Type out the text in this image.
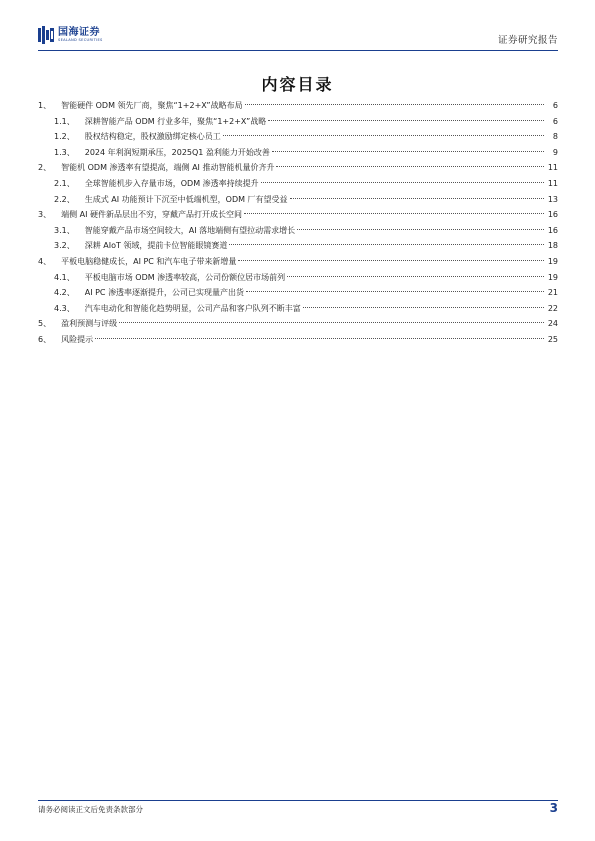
国海证券
SEALAND SECURITIES	证券研究报告
内容目录
1、 智能硬件 ODM 领先厂商，聚焦“1+2+X”战略布局	6
1.1、 深耕智能产品 ODM 行业多年，聚焦“1+2+X”战略	6
1.2、 股权结构稳定，股权激励绑定核心员工	8
1.3、 2024 年利润短期承压，2025Q1 盈利能力开始改善	9
2、 智能机 ODM 渗透率有望提高，端侧 AI 推动智能机量价齐升	11
2.1、 全球智能机步入存量市场，ODM 渗透率持续提升	11
2.2、 生成式 AI 功能预计下沉至中低端机型，ODM 厂有望受益	13
3、 端侧 AI 硬件新品层出不穷，穿戴产品打开成长空间	16
3.1、 智能穿戴产品市场空间较大，AI 落地端侧有望拉动需求增长	16
3.2、 深耕 AIoT 领域，提前卡位智能眼镜赛道	18
4、 平板电脑稳健成长，AI PC 和汽车电子带来新增量	19
4.1、 平板电脑市场 ODM 渗透率较高，公司份额位居市场前列	19
4.2、 AI PC 渗透率逐渐提升，公司已实现量产出货	21
4.3、 汽车电动化和智能化趋势明显，公司产品和客户队列不断丰富	22
5、 盈利预测与评级	24
6、 风险提示	25
请务必阅读正文后免责条款部分	3
